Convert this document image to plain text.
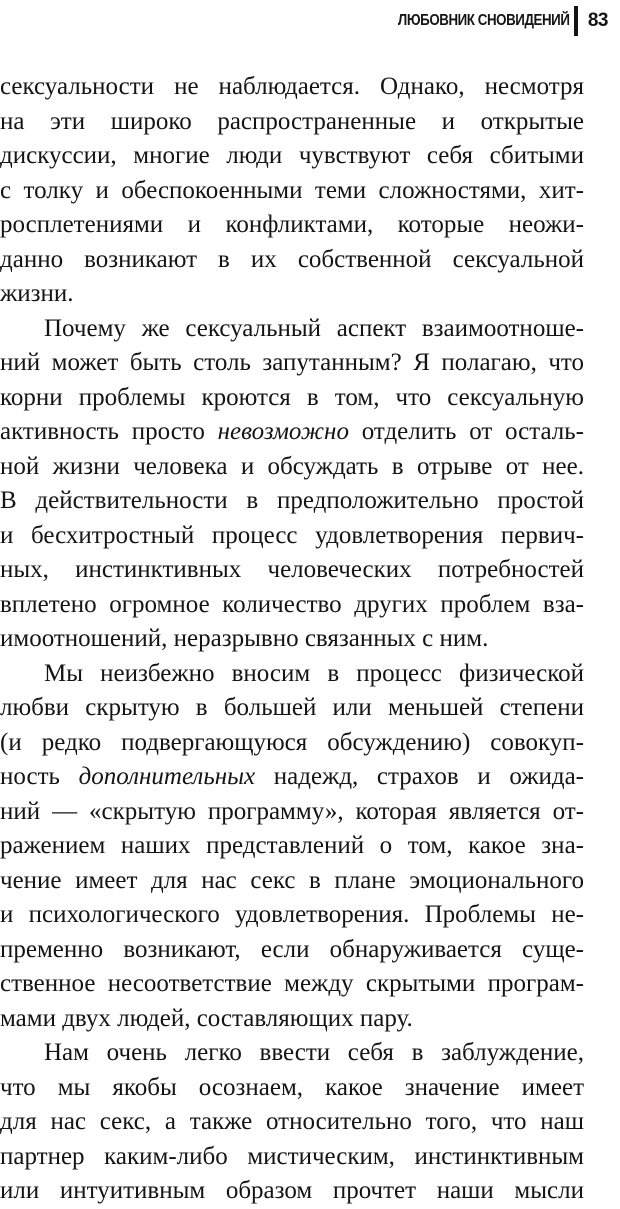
ЛЮБОВНИК СНОВИДЕНИЙ 83
сексуальности не наблюдается. Однако, несмотря
на эти широко распространенные и открытые
дискуссии, многие люди чувствуют себя сбитыми
с толку и обеспокоенными теми сложностями, хит-
росплетениями и конфликтами, которые неожи-
данно возникают в их собственной сексуальной
жизни.
Почему же сексуальный аспект взаимоотноше-
ний может быть столь запутанным? Я полагаю, что
корни проблемы кроются в том, что сексуальную
активность просто невозможно отделить от осталь-
ной жизни человека и обсуждать в отрыве от нее.
В действительности в предположительно простой
и бесхитростный процесс удовлетворения первич-
ных, инстинктивных человеческих потребностей
вплетено огромное количество других проблем вза-
имоотношений, неразрывно связанных с ним.
Мы неизбежно вносим в процесс физической
любви скрытую в большей или меньшей степени
(и редко подвергающуюся обсуждению) совокуп-
ность дополнительных надежд, страхов и ожида-
ний — «скрытую программу», которая является от-
ражением наших представлений о том, какое зна-
чение имеет для нас секс в плане эмоционального
и психологического удовлетворения. Проблемы не-
пременно возникают, если обнаруживается суще-
ственное несоответствие между скрытыми програм-
мами двух людей, составляющих пару.
Нам очень легко ввести себя в заблуждение,
что мы якобы осознаем, какое значение имеет
для нас секс, а также относительно того, что наш
партнер каким-либо мистическим, инстинктивным
или интуитивным образом прочтет наши мысли
